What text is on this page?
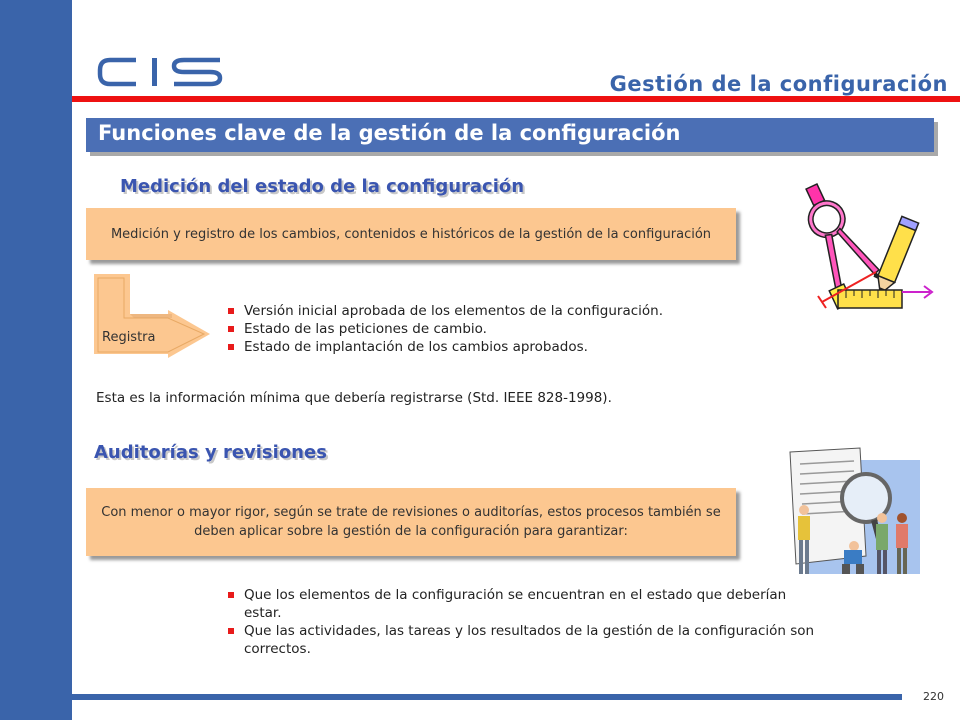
Gestión de la configuración
Funciones clave de la gestión de la configuración
Medición del estado de la configuración
Medición y registro de los cambios, contenidos e históricos de la gestión de la configuración
Registra
Versión inicial aprobada de los elementos de la configuración.
Estado de las peticiones de cambio.
Estado de implantación de los cambios aprobados.
Esta es la información mínima que debería registrarse (Std. IEEE 828-1998).
Auditorías y revisiones
Con menor o mayor rigor, según se trate de revisiones o auditorías, estos procesos también se deben aplicar sobre la gestión de la configuración para garantizar:
Que los elementos de la configuración se encuentran en el estado que deberían estar.
Que las actividades, las tareas y los resultados de la gestión de la configuración son correctos.
220
